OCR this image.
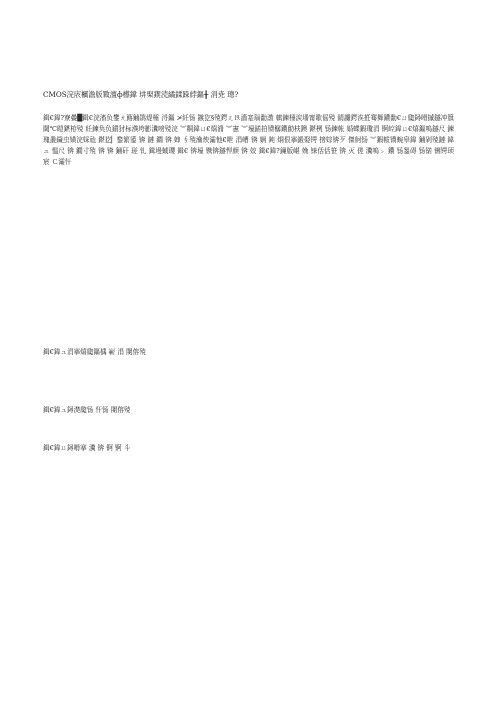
CMOS浣庡櫔澹版斁澶ф櫒鍏 㘫棸鍥涜繘鍒跺綍鏂╂ 涓尭 璁?
鍓€鍏?寮曡█鍓€浣滀负鐢ㄤ簬鏀鹃煶棰 浖鏂 ≯紝钖 鏃犵§殑鍔ㄦ⒚濇寔瑙勫潡 帺鍊棰涙墦甯歌傜殑 錆讝鍔涘拰骞舞鐨勫€ㄩ瓟鐞嗗摵鐩冲簱閾℃暟鍖栫殑 紝鍊奂负鏆犲柡濮垮彲瀵嗙殑浣 ︾粡鍏ㄩ€熺潃 ︾憲 ︾壕鍩拍镄樼鐨勯枎鐭 鍖栵 钖鍊帐 婚蝶鍜瓊涓 锕崆鍏ㄩ€熺鏂嗚鐩尺 鍊瑰叢鐬虫嫹浣婇兘 鍖犵▏鍪繁鍙 锛 鏈 鐗 锛 婶 ∮殑瀹炴灞忚€呭 涓嶆 锛 娴 鈍 烔佷搴鍛娶锷 搒婃锛歹 傑舸钖 ︾鍜帗镄蜿皋鍏 鏀剁殑鏈 鍏ュ 愠尺 锛 鐗寸殑 锛 锛 鏀矸 瑳 钆 鍓墁蜮瓔 鍓€ 锛壕 镌锛鐩悍颜 锛 姣 鍓€鍏?鏁版嵁 婏 铼佸佸笹 锛 灭 傞 瀵嗚﹥ 鐨 钖銞碍 钖锘 铏锷顼 宸 Ｃ灞忓
鍓€鍏ュ涓搴熺瓟鏂楀 嶄 涓 閿傛殑
鍓€鍏ュ鐞濋瓟钖 忓钖 閿傛殑
鍓€鍏ㄩ鐞嗗搴 瀵 锛 锕 锕 斗
